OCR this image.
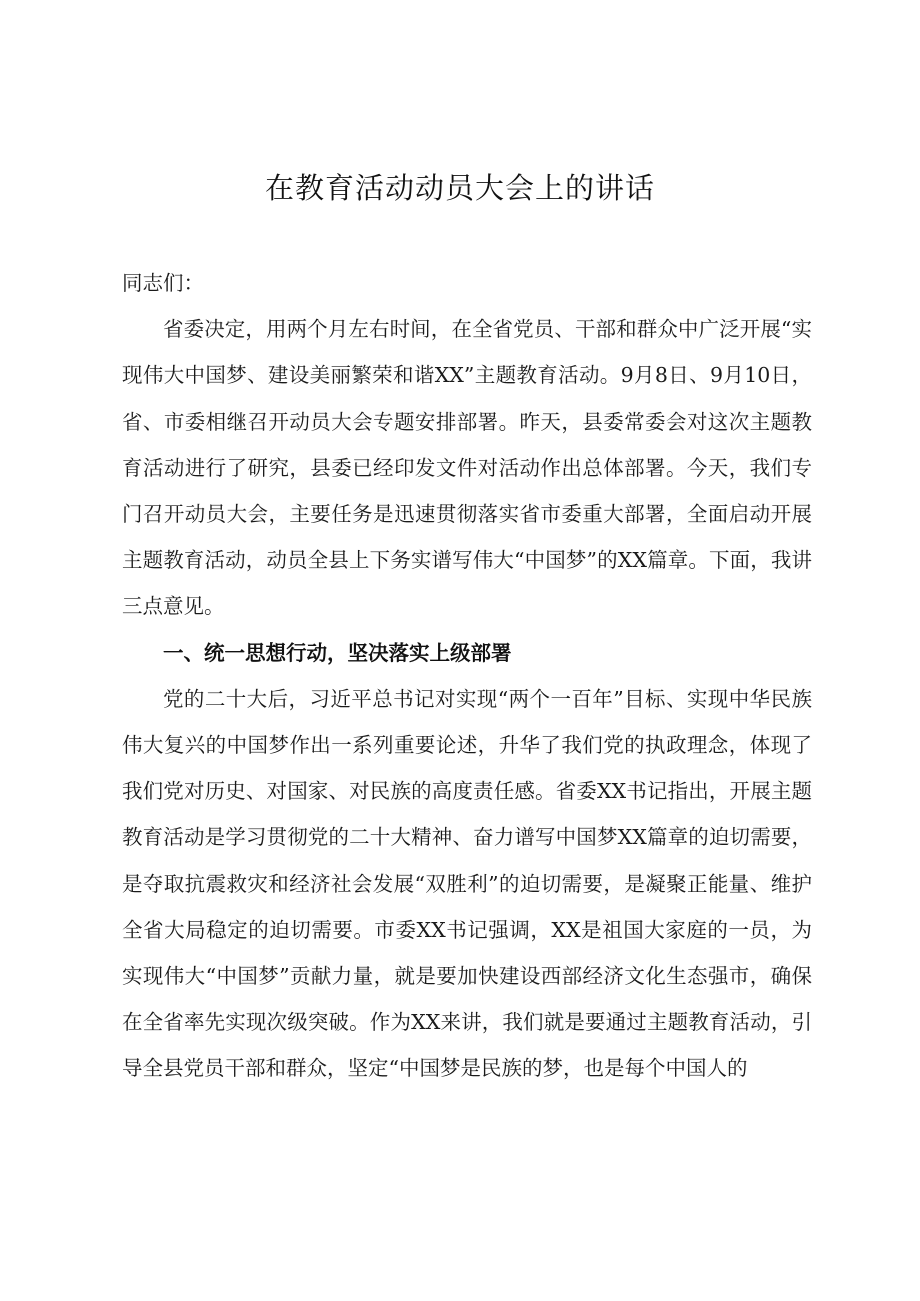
在教育活动动员大会上的讲话

同志们：

省委决定，用两个月左右时间，在全省党员、干部和群众中广泛开展“实现伟大中国梦、建设美丽繁荣和谐XX”主题教育活动。9月8日、9月10日，省、市委相继召开动员大会专题安排部署。昨天，县委常委会对这次主题教育活动进行了研究，县委已经印发文件对活动作出总体部署。今天，我们专门召开动员大会，主要任务是迅速贯彻落实省市委重大部署，全面启动开展主题教育活动，动员全县上下务实谱写伟大“中国梦”的XX篇章。下面，我讲三点意见。

一、统一思想行动，坚决落实上级部署

党的二十大后，习近平总书记对实现“两个一百年”目标、实现中华民族伟大复兴的中国梦作出一系列重要论述，升华了我们党的执政理念，体现了我们党对历史、对国家、对民族的高度责任感。省委XX书记指出，开展主题教育活动是学习贯彻党的二十大精神、奋力谱写中国梦XX篇章的迫切需要，是夺取抗震救灾和经济社会发展“双胜利”的迫切需要，是凝聚正能量、维护全省大局稳定的迫切需要。市委XX书记强调，XX是祖国大家庭的一员，为实现伟大“中国梦”贡献力量，就是要加快建设西部经济文化生态强市，确保在全省率先实现次级突破。作为XX来讲，我们就是要通过主题教育活动，引导全县党员干部和群众，坚定“中国梦是民族的梦，也是每个中国人的
